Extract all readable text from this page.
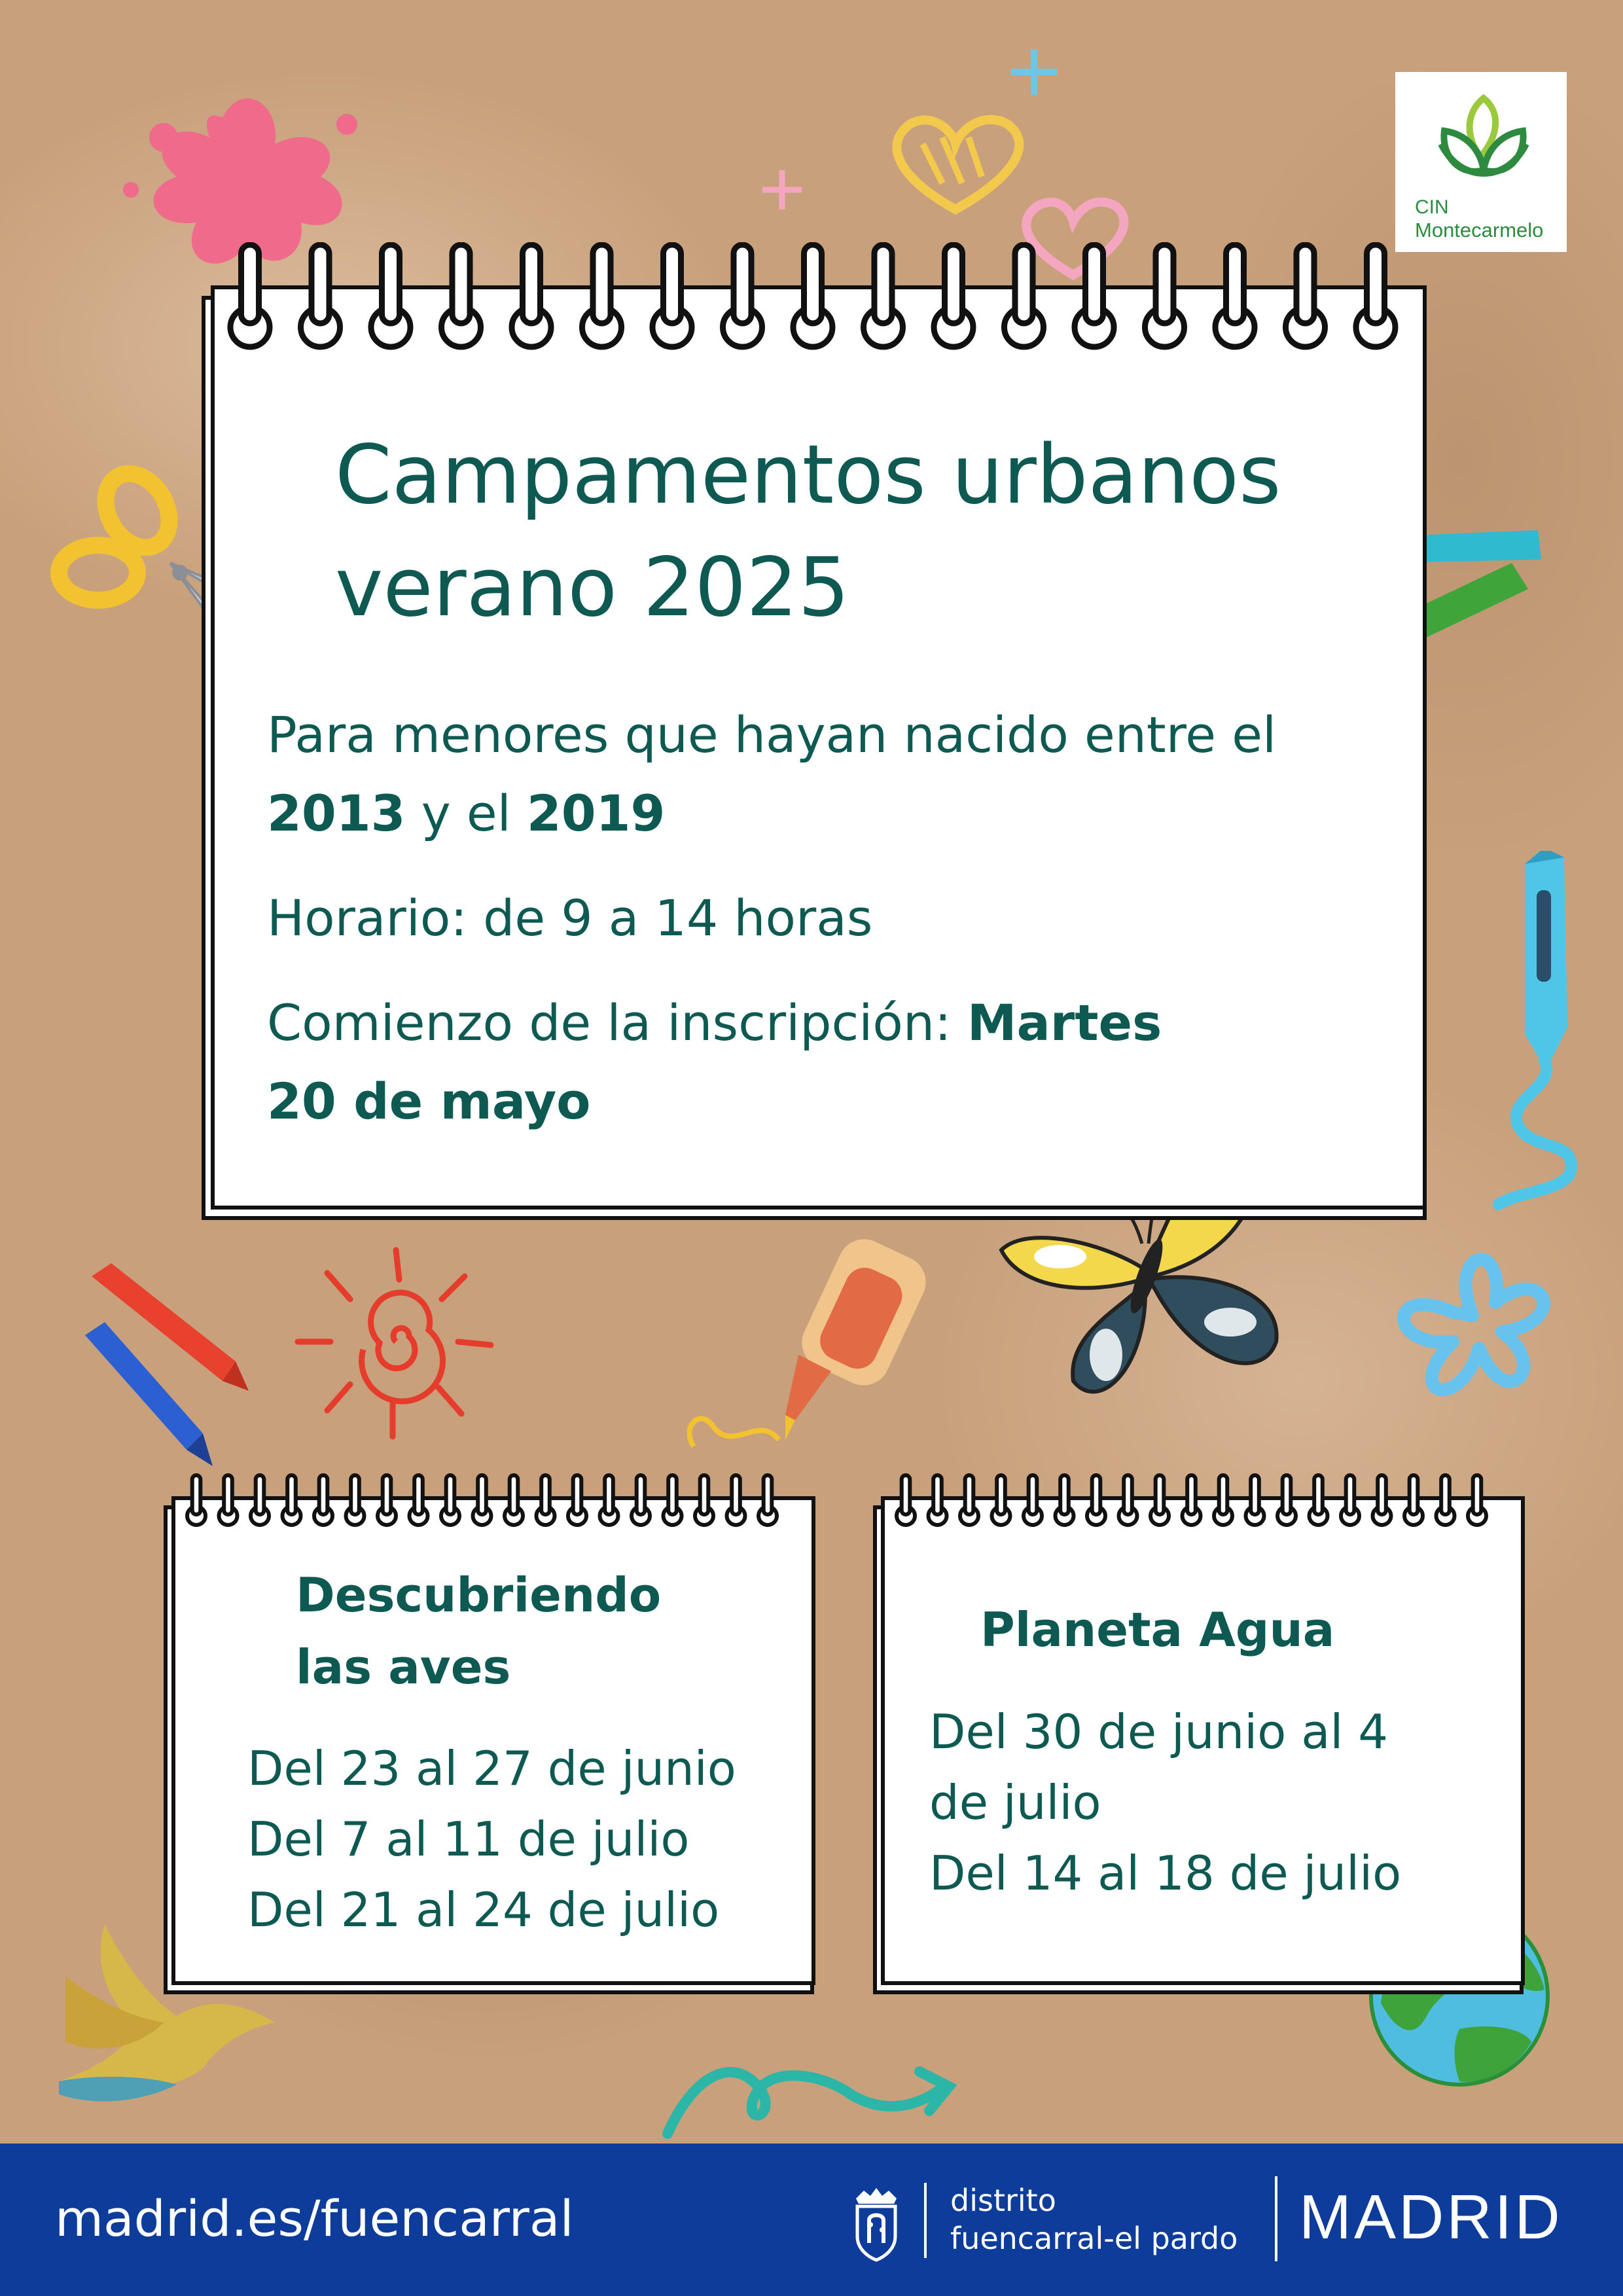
CIN
Montecarmelo
Campamentos urbanos
verano 2025
Para menores que hayan nacido entre el
2013 y el 2019
Horario: de 9 a 14 horas
Comienzo de la inscripción: Martes
20 de mayo
Descubriendo
las aves
Del 23 al 27 de junio
Del 7 al 11 de julio
Del 21 al 24 de julio
Planeta Agua
Del 30 de junio al 4
de julio
Del 14 al 18 de julio
madrid.es/fuencarral	distrito
fuencarral-el pardo MADRID
